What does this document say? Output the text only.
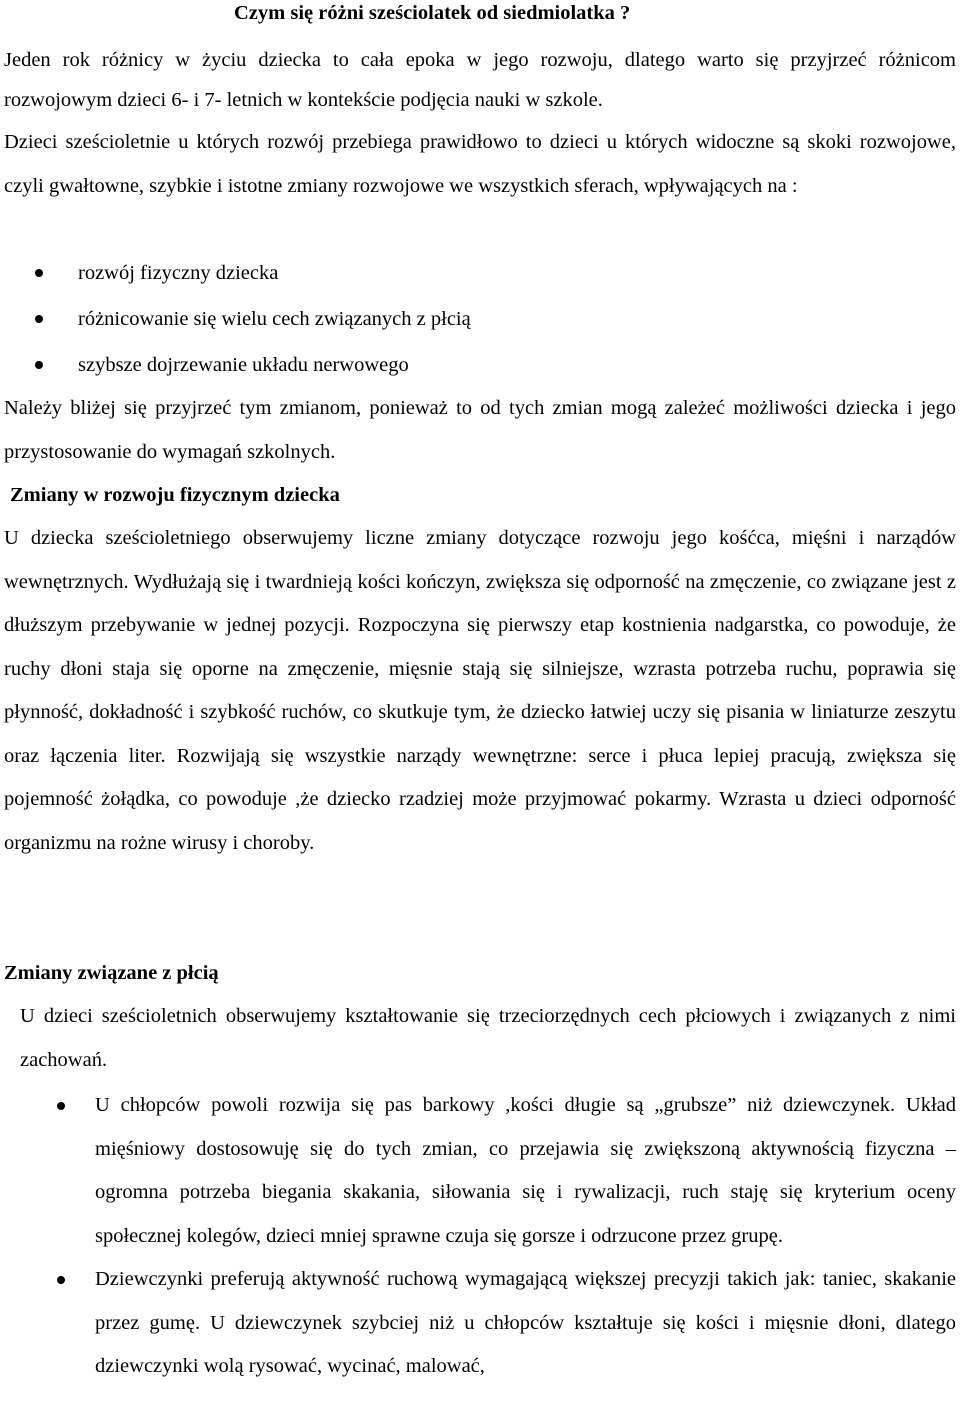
Czym się różni sześciolatek od siedmiolatka ?
Jeden rok różnicy w życiu dziecka to cała epoka w jego rozwoju, dlatego warto się przyjrzeć różnicom rozwojowym dzieci 6- i 7- letnich w kontekście podjęcia nauki w szkole.
Dzieci sześcioletnie u których rozwój przebiega prawidłowo to dzieci u których widoczne są skoki rozwojowe, czyli gwałtowne, szybkie i istotne zmiany rozwojowe we wszystkich sferach, wpływających na :
rozwój fizyczny dziecka
różnicowanie się wielu cech związanych z płcią
szybsze dojrzewanie układu nerwowego
Należy bliżej się przyjrzeć tym zmianom, ponieważ to od tych zmian mogą zależeć możliwości dziecka i jego przystosowanie do wymagań szkolnych.
Zmiany w rozwoju fizycznym dziecka
U dziecka sześcioletniego obserwujemy liczne zmiany dotyczące rozwoju jego kośćca, mięśni i narządów wewnętrznych. Wydłużają się i twardnieją kości kończyn, zwiększa się odporność na zmęczenie, co związane jest z dłuższym przebywanie w jednej pozycji. Rozpoczyna się pierwszy etap kostnienia nadgarstka, co powoduje, że ruchy dłoni staja się oporne na zmęczenie, mięsnie stają się silniejsze, wzrasta potrzeba ruchu, poprawia się płynność, dokładność i szybkość ruchów, co skutkuje tym, że dziecko łatwiej uczy się pisania w liniaturze zeszytu oraz łączenia liter. Rozwijają się wszystkie narządy wewnętrzne: serce i płuca lepiej pracują, zwiększa się pojemność żołądka, co powoduje ,że dziecko rzadziej może przyjmować pokarmy. Wzrasta u dzieci odporność organizmu na rożne wirusy i choroby.
Zmiany związane z płcią
U dzieci sześcioletnich obserwujemy kształtowanie się trzeciorzędnych cech płciowych i związanych z nimi zachowań.
U chłopców powoli rozwija się pas barkowy ,kości długie są „grubsze” niż dziewczynek. Układ mięśniowy dostosowuję się do tych zmian, co przejawia się zwiększoną aktywnością fizyczna – ogromna potrzeba biegania skakania, siłowania się i rywalizacji, ruch staję się kryterium oceny społecznej kolegów, dzieci mniej sprawne czuja się gorsze i odrzucone przez grupę.
Dziewczynki preferują aktywność ruchową wymagającą większej precyzji takich jak: taniec, skakanie przez gumę. U dziewczynek szybciej niż u chłopców kształtuje się kości i mięsnie dłoni, dlatego dziewczynki wolą rysować, wycinać, malować,
